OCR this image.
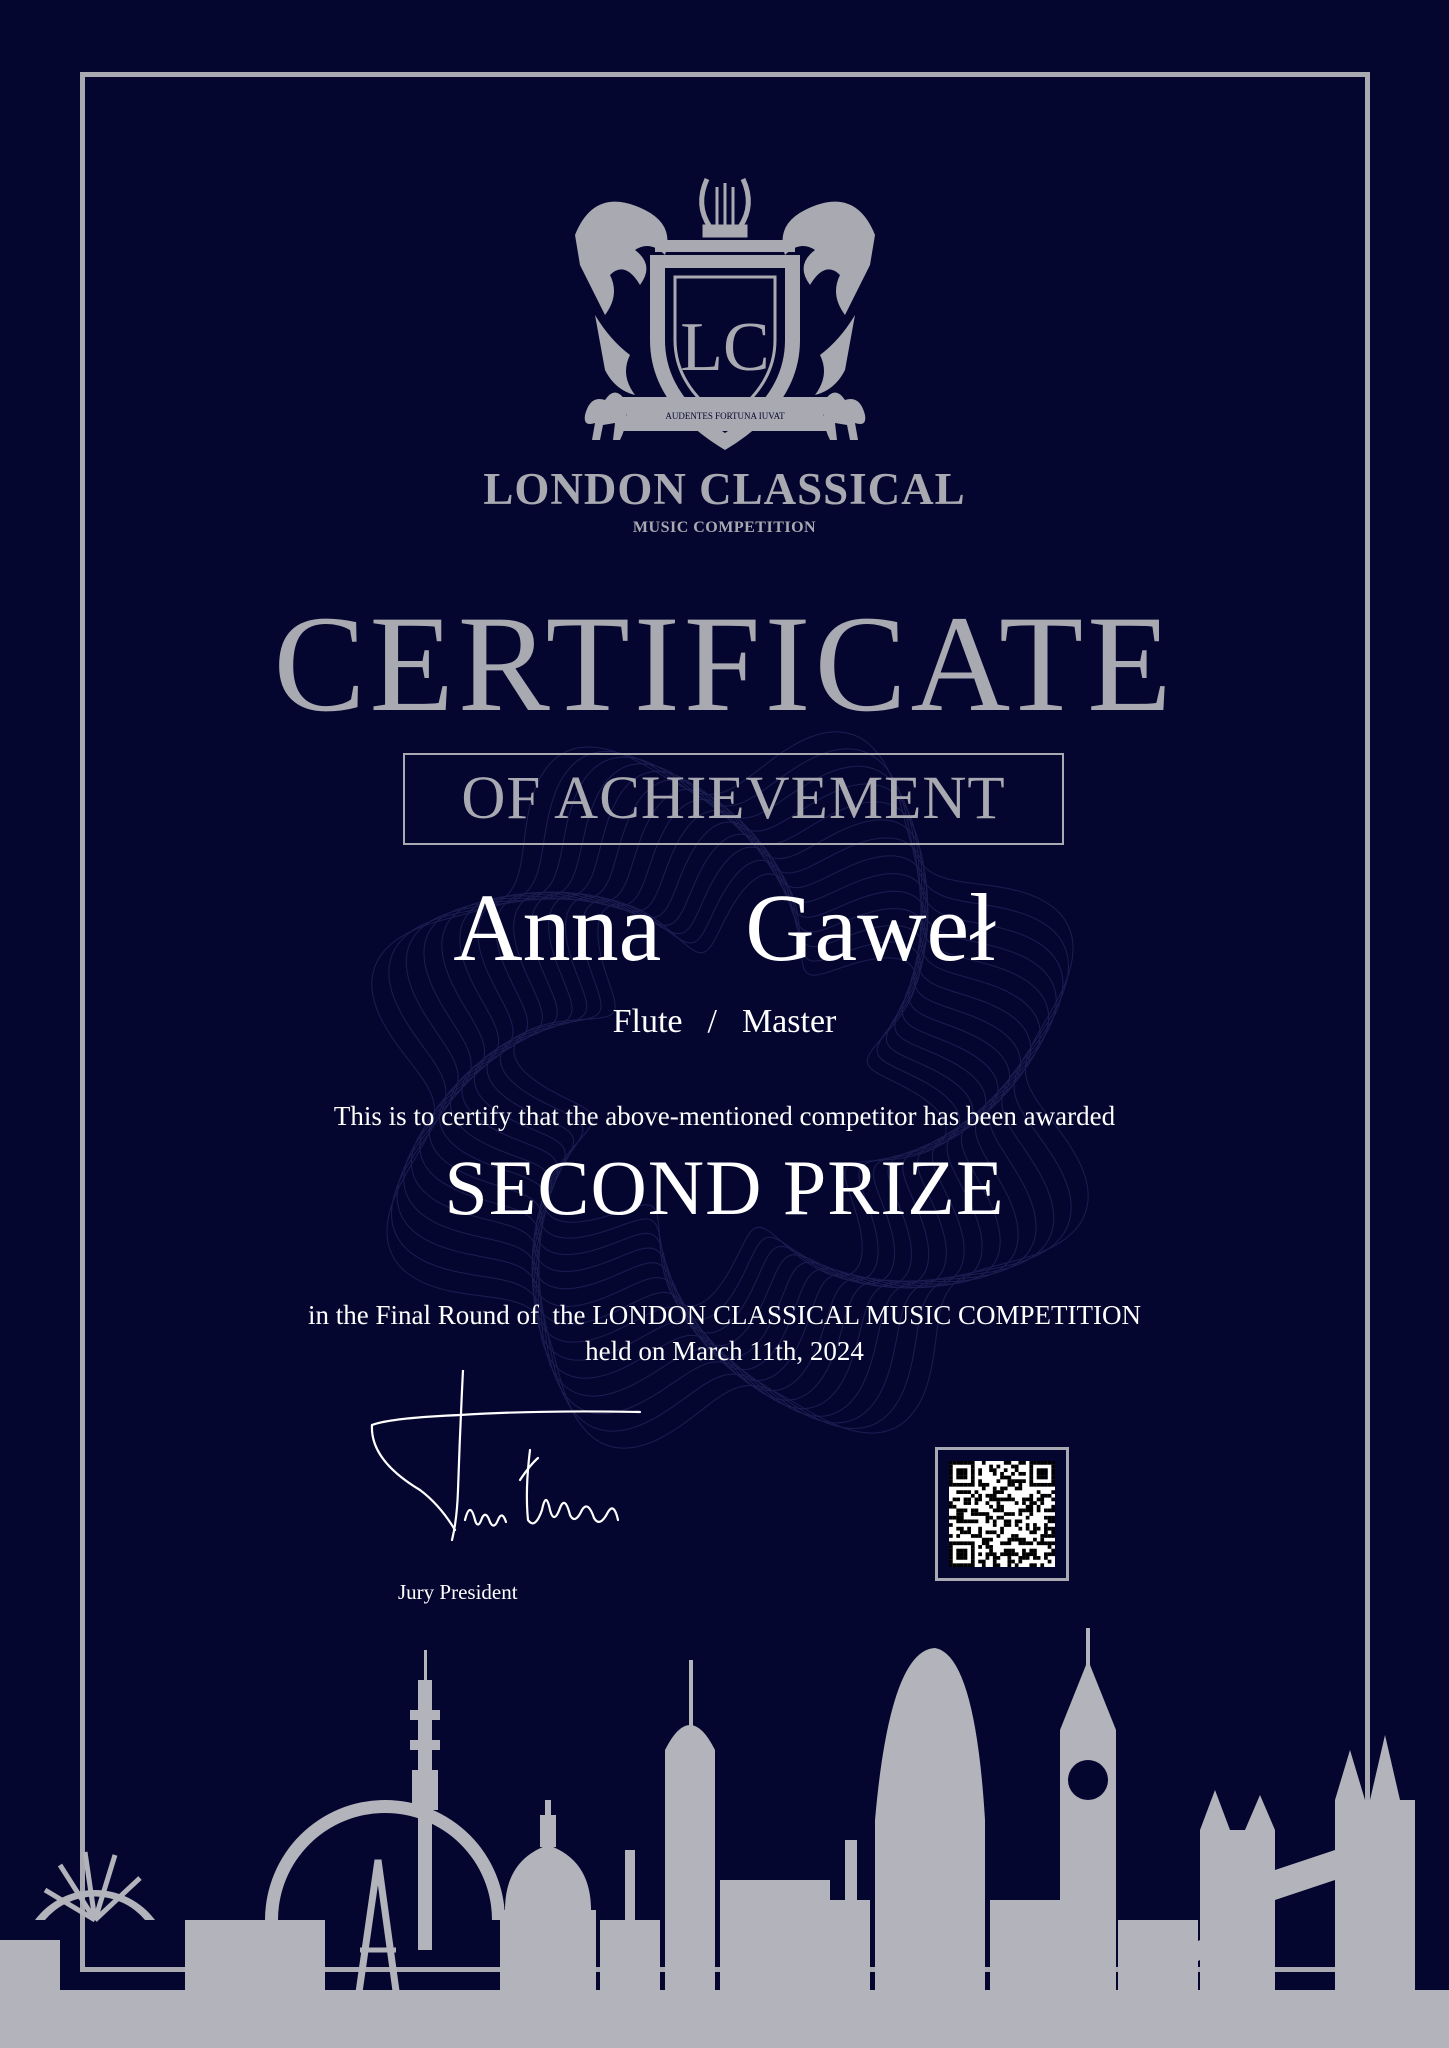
LC
AUDENTES FORTUNA IUVAT
LONDON CLASSICAL
MUSIC COMPETITION
CERTIFICATE
OF ACHIEVEMENT
Anna  Gaweł
Flute  /  Master
This is to certify that the above-mentioned competitor has been awarded
SECOND PRIZE
in the Final Round of  the LONDON CLASSICAL MUSIC COMPETITION
held on March 11th, 2024
Jury President
